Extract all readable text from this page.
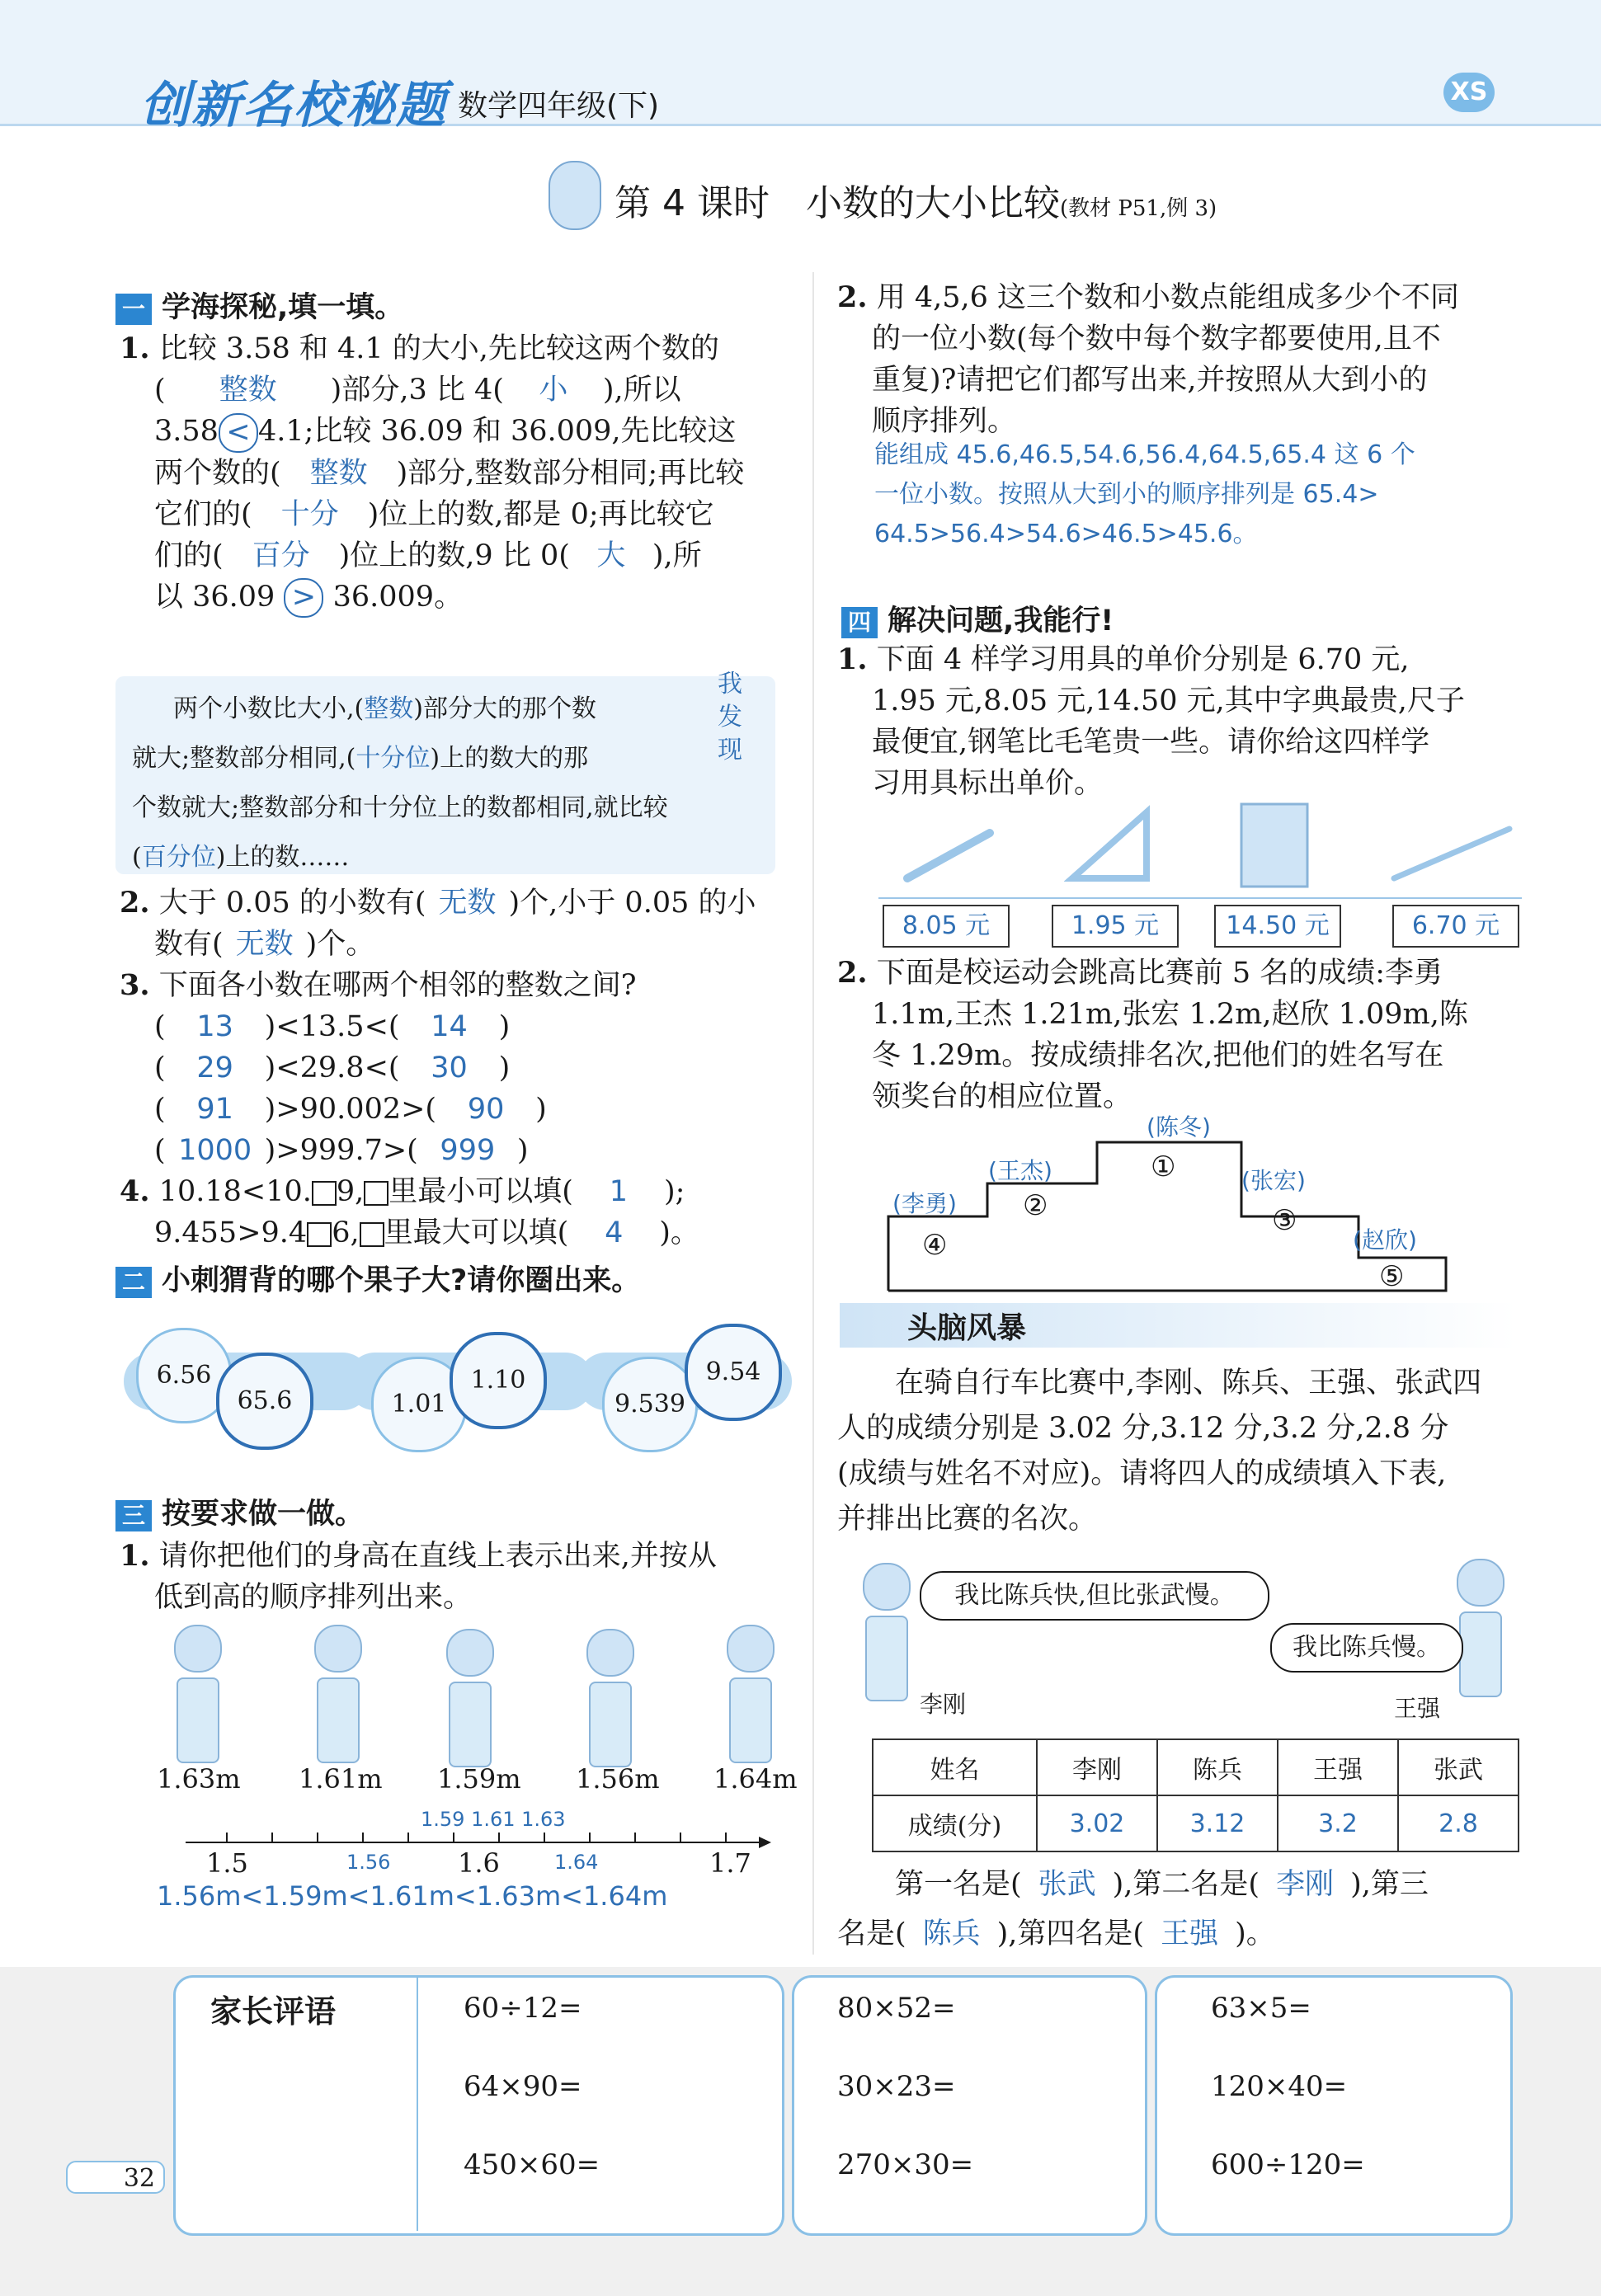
创新名校秘题 数学四年级(下)	XS
第 4 课时　小数的大小比较(教材 P51,例 3)
一 学海探秘,填一填。
1. 比较 3.58 和 4.1 的大小,先比较这两个数的
( 整数 )部分,3 比 4( 小 ),所以
3.58 < 4.1;比较 36.09 和 36.009,先比较这
两个数的( 整数 )部分,整数部分相同;再比较
它们的( 十分 )位上的数,都是 0;再比较它
们的( 百分 )位上的数,9 比 0( 大 ),所
以 36.09 > 36.009。
两个小数比大小,(整数)部分大的那个数
就大;整数部分相同,(十分位)上的数大的那
个数就大;整数部分和十分位上的数都相同,就比较
(百分位)上的数……
我发现
2. 大于 0.05 的小数有( 无数 )个,小于 0.05 的小
数有( 无数 )个。
3. 下面各小数在哪两个相邻的整数之间?
( 13 )<13.5<( 14 )
( 29 )<29.8<( 30 )
( 91 )>90.002>( 90 )
( 1000 )>999.7>( 999 )
4. 10.18<10. 9, 里最小可以填( 1 );
9.455>9.4 6, 里最大可以填( 4 )。
二 小刺猬背的哪个果子大?请你圈出来。
6.56
65.6	1.01
1.10
9.539
9.54
三 按要求做一做。
1. 请你把他们的身高在直线上表示出来,并按从
低到高的顺序排列出来。
1.63m 1.61m 1.59m 1.56m 1.64m
1.59 1.61 1.63
1.5	1.6	1.7
1.56	1.64
1.56m<1.59m<1.61m<1.63m<1.64m
2. 用 4,5,6 这三个数和小数点能组成多少个不同
的一位小数(每个数中每个数字都要使用,且不
重复)?请把它们都写出来,并按照从大到小的
顺序排列。
能组成 45.6,46.5,54.6,56.4,64.5,65.4 这 6 个
一位小数。按照从大到小的顺序排列是 65.4>
64.5>56.4>54.6>46.5>45.6。
四 解决问题,我能行!
1. 下面 4 样学习用具的单价分别是 6.70 元,
1.95 元,8.05 元,14.50 元,其中字典最贵,尺子
最便宜,钢笔比毛笔贵一些。请你给这四样学
习用具标出单价。
8.05 元	1.95 元	14.50 元	6.70 元
2. 下面是校运动会跳高比赛前 5 名的成绩:李勇
1.1m,王杰 1.21m,张宏 1.2m,赵欣 1.09m,陈
冬 1.29m。按成绩排名次,把他们的姓名写在
领奖台的相应位置。
①
②	③
④
⑤
(陈冬)
(王杰)	(张宏)
(李勇)
(赵欣)
头脑风暴
在骑自行车比赛中,李刚、陈兵、王强、张武四
人的成绩分别是 3.02 分,3.12 分,3.2 分,2.8 分
(成绩与姓名不对应)。请将四人的成绩填入下表,
并排出比赛的名次。
我比陈兵快,但比张武慢。
我比陈兵慢。
李刚	王强
姓名	李刚	陈兵	王强	张武
成绩(分)	3.02	3.12	3.2	2.8
第一名是( 张武 ),第二名是( 李刚 ),第三
名是( 陈兵 ),第四名是( 王强 )。
家长评语
32
60÷12=
64×90=
450×60=
80×52=
30×23=
270×30=
63×5=
120×40=
600÷120=
